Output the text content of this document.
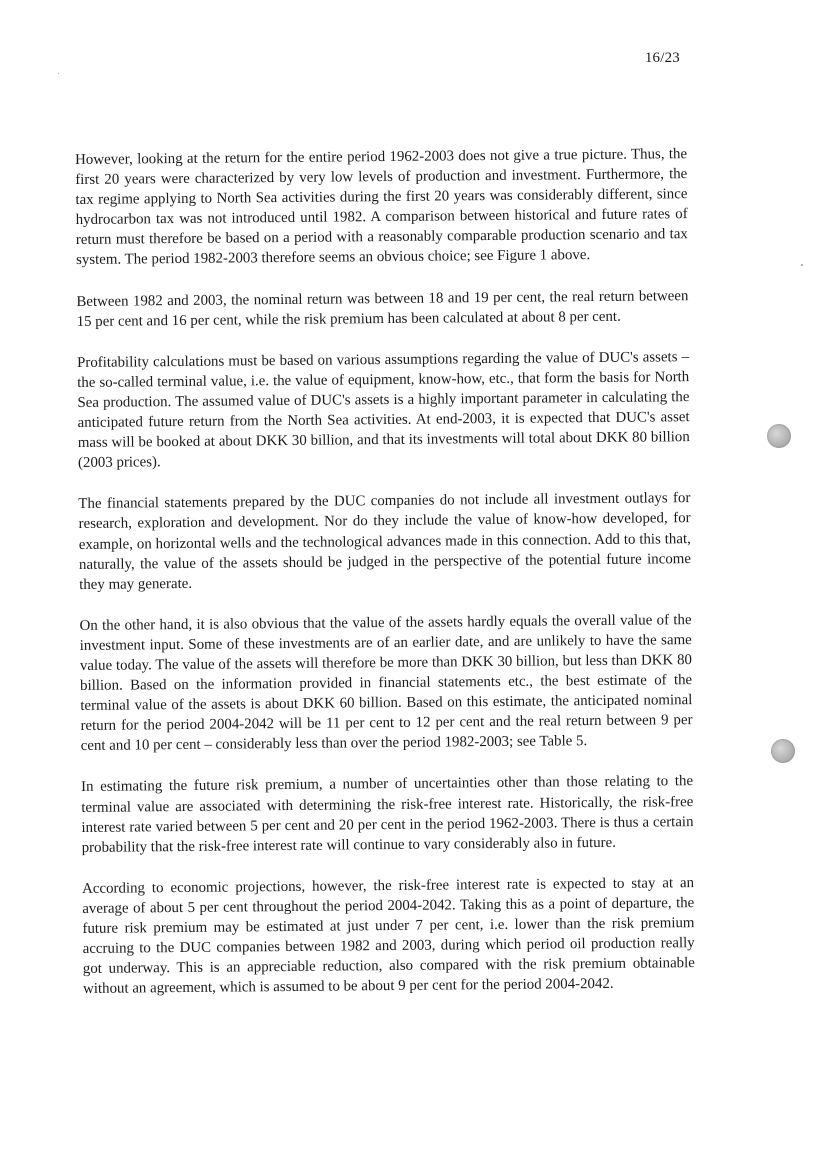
16/23

However, looking at the return for the entire period 1962-2003 does not give a true picture. Thus, the first 20 years were characterized by very low levels of production and investment. Furthermore, the tax regime applying to North Sea activities during the first 20 years was considerably different, since hydrocarbon tax was not introduced until 1982. A comparison between historical and future rates of return must therefore be based on a period with a reasonably comparable production scenario and tax system. The period 1982-2003 therefore seems an obvious choice; see Figure 1 above.

Between 1982 and 2003, the nominal return was between 18 and 19 per cent, the real return between 15 per cent and 16 per cent, while the risk premium has been calculated at about 8 per cent.

Profitability calculations must be based on various assumptions regarding the value of DUC's assets – the so-called terminal value, i.e. the value of equipment, know-how, etc., that form the basis for North Sea production. The assumed value of DUC's assets is a highly important parameter in calculating the anticipated future return from the North Sea activities. At end-2003, it is expected that DUC's asset mass will be booked at about DKK 30 billion, and that its investments will total about DKK 80 billion (2003 prices).

The financial statements prepared by the DUC companies do not include all investment outlays for research, exploration and development. Nor do they include the value of know-how developed, for example, on horizontal wells and the technological advances made in this connection. Add to this that, naturally, the value of the assets should be judged in the perspective of the potential future income they may generate.

On the other hand, it is also obvious that the value of the assets hardly equals the overall value of the investment input. Some of these investments are of an earlier date, and are unlikely to have the same value today. The value of the assets will therefore be more than DKK 30 billion, but less than DKK 80 billion. Based on the information provided in financial statements etc., the best estimate of the terminal value of the assets is about DKK 60 billion. Based on this estimate, the anticipated nominal return for the period 2004-2042 will be 11 per cent to 12 per cent and the real return between 9 per cent and 10 per cent – considerably less than over the period 1982-2003; see Table 5.

In estimating the future risk premium, a number of uncertainties other than those relating to the terminal value are associated with determining the risk-free interest rate. Historically, the risk-free interest rate varied between 5 per cent and 20 per cent in the period 1962-2003. There is thus a certain probability that the risk-free interest rate will continue to vary considerably also in future.

According to economic projections, however, the risk-free interest rate is expected to stay at an average of about 5 per cent throughout the period 2004-2042. Taking this as a point of departure, the future risk premium may be estimated at just under 7 per cent, i.e. lower than the risk premium accruing to the DUC companies between 1982 and 2003, during which period oil production really got underway. This is an appreciable reduction, also compared with the risk premium obtainable without an agreement, which is assumed to be about 9 per cent for the period 2004-2042.
